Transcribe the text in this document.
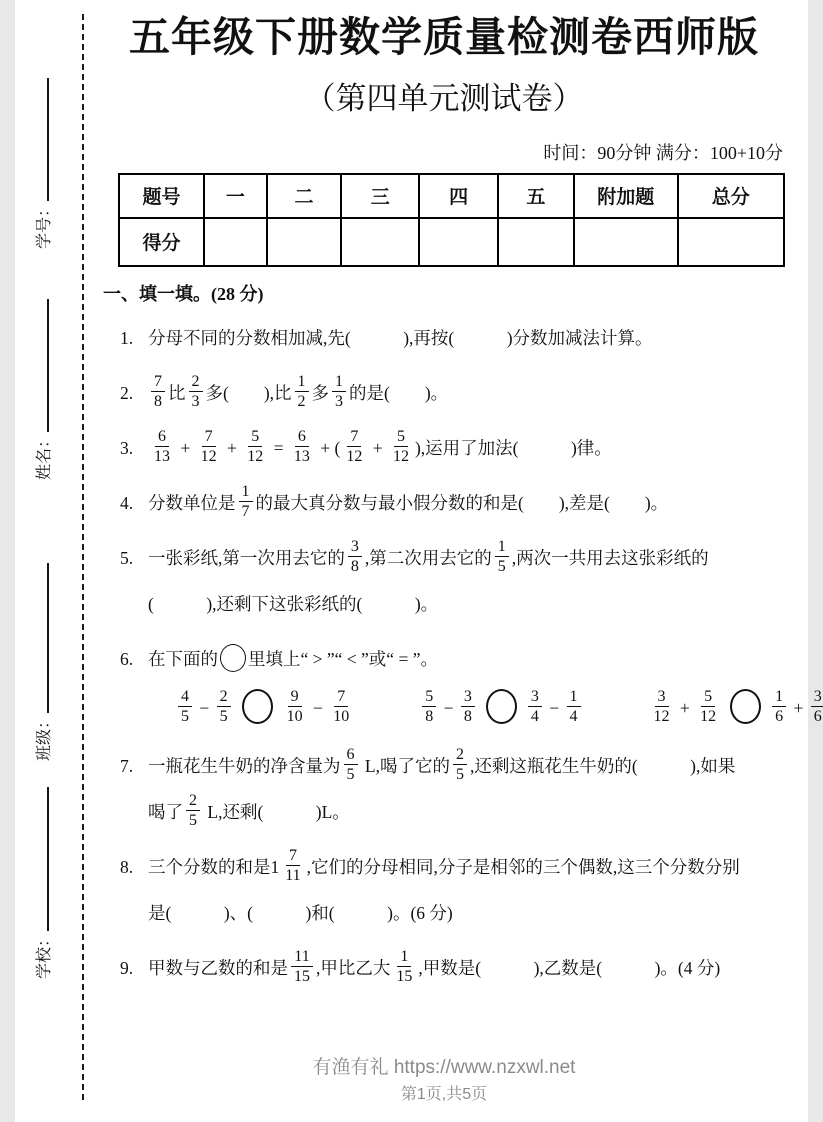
学校：
班级：
姓名：
学号：
五年级下册数学质量检测卷西师版
（第四单元测试卷）
时间：90分钟 满分：100+10分
题号	一	二	三	四	五	附加题	总分
得分							
一、填一填。(28 分)
1. 分母不同的分数相加减,先(　　　),再按(　　　)分数加减法计算。
2.	$\frac{7}{8}$ 比 $\frac{2}{3}$ 多(　　),比 $\frac{1}{2}$ 多 $\frac{1}{3}$ 的是(　　)。
3.	$\frac{6}{13} + \frac{7}{12} + \frac{5}{12} = \frac{6}{13}$ + ( $\frac{7}{12} + \frac{5}{12}$ ),运用了加法(　　　)律。
4. 分数单位是 $\frac{1}{7}$ 的最大真分数与最小假分数的和是(　　),差是(　　)。
5. 一张彩纸,第一次用去它的 $\frac{3}{8}$ ,第二次用去它的 $\frac{1}{5}$ ,两次一共用去这张彩纸的
(　　　),还剩下这张彩纸的(　　　)。
6. 在下面的 里填上“ > ”“ < ”或“ = ”。
$\frac{4}{5} - \frac{2}{5}$	$\frac{9}{10} - \frac{7}{10}$	$\frac{5}{8} - \frac{3}{8}$	$\frac{3}{4} - \frac{1}{4}$	$\frac{3}{12} + \frac{5}{12}$	$\frac{1}{6} + \frac{3}{6}$
7. 一瓶花生牛奶的净含量为 $\frac{6}{5} L$,喝了它的 $\frac{2}{5}$ ,还剩这瓶花生牛奶的(　　　),如果
喝了 $\frac{2}{5} L$,还剩(　　　)L。
8. 三个分数的和是$1 \frac{7}{11}$ ,它们的分母相同,分子是相邻的三个偶数,这三个分数分别
是(　　　)、(　　　)和(　　　)。(6 分)
9. 甲数与乙数的和是 $\frac{11}{15}$ ,甲比乙大 $\frac{1}{15}$ ,甲数是(　　　),乙数是(　　　)。(4 分)
有渔有礼 https://www.nzxwl.net
第1页,共5页
